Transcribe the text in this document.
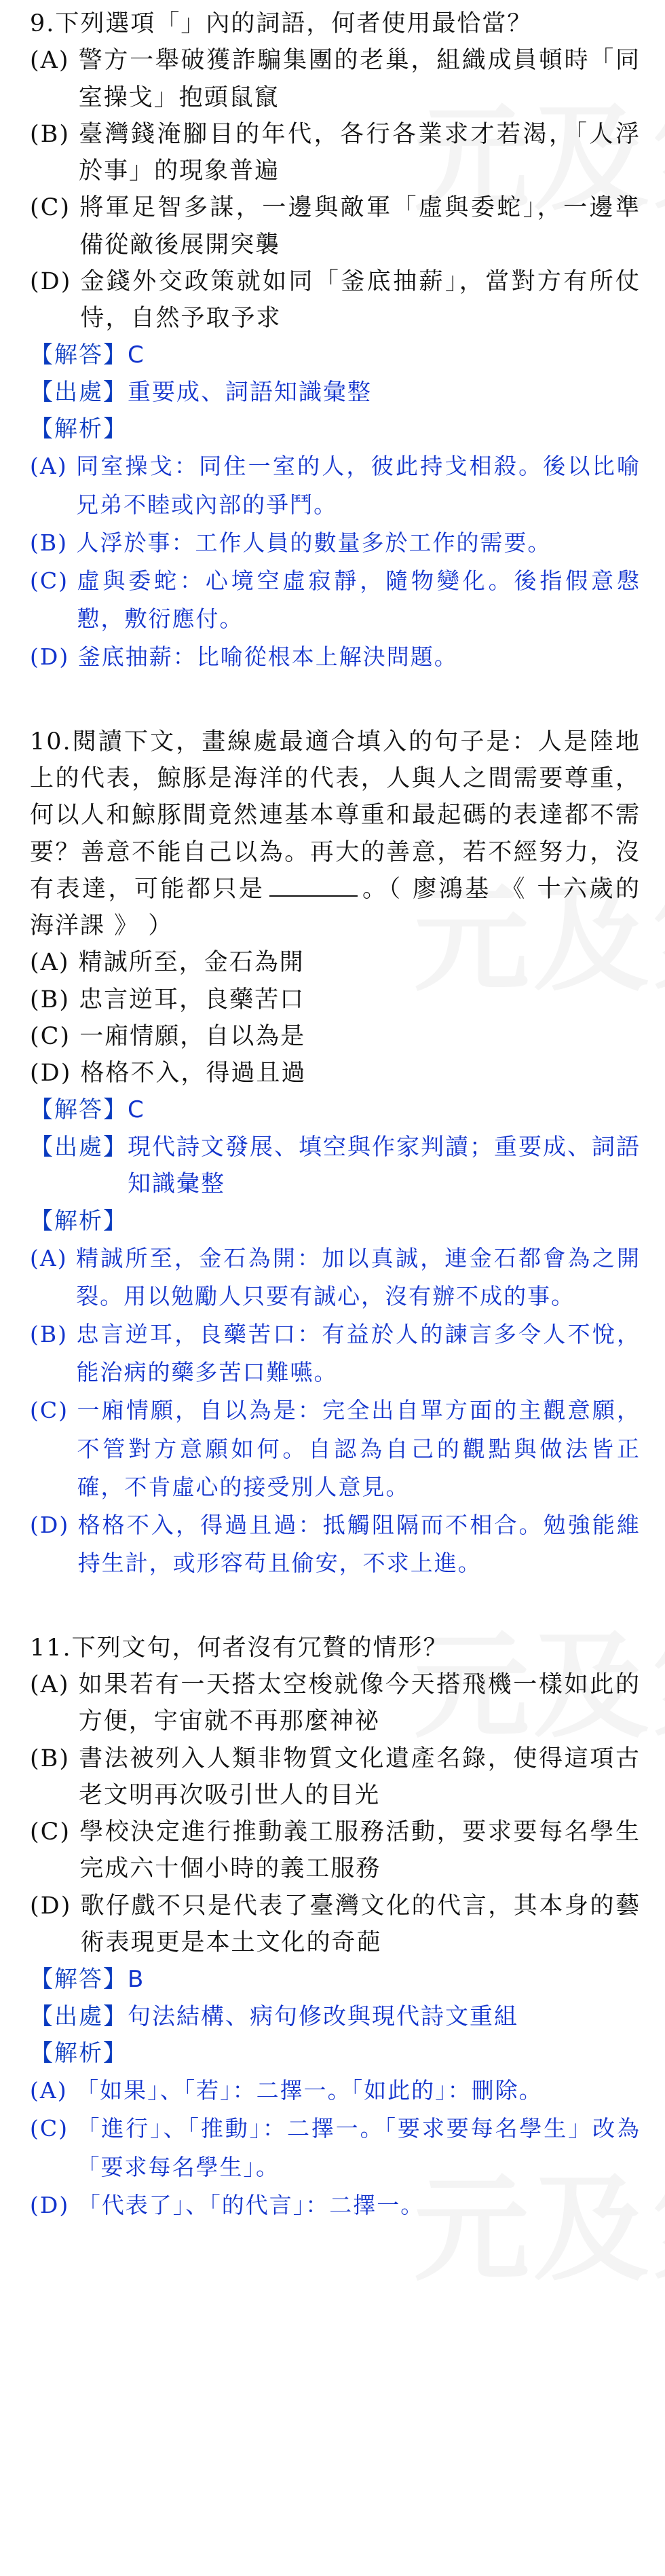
9.下列選項「」內的詞語，何者使用最恰當？

(A) 警方一舉破獲詐騙集團的老巢，組織成員頓時「同室操戈」抱頭鼠竄

(B) 臺灣錢淹腳目的年代，各行各業求才若渴，「人浮於事」的現象普遍

(C) 將軍足智多謀，一邊與敵軍「虛與委蛇」，一邊準備從敵後展開突襲

(D) 金錢外交政策就如同「釜底抽薪」，當對方有所仗恃，自然予取予求

【解答】C

【出處】 重要成、詞語知識彙整

【解析】

(A) 同室操戈：同住一室的人，彼此持戈相殺。後以比喻兄弟不睦或內部的爭鬥。

(B) 人浮於事：工作人員的數量多於工作的需要。

(C) 虛與委蛇：心境空虛寂靜，隨物變化。後指假意慇懃，敷衍應付。

(D) 釜底抽薪：比喻從根本上解決問題。

10.閱讀下文，畫線處最適合填入的句子是：人是陸地上的代表，鯨豚是海洋的代表，人與人之間需要尊重，何以人和鯨豚間竟然連基本尊重和最起碼的表達都不需要？善意不能自己以為。再大的善意，若不經努力，沒有表達，可能都只是	。（ 廖鴻基 《 十六歲的海洋課 》 ）

(A) 精誠所至，金石為開

(B) 忠言逆耳，良藥苦口

(C) 一廂情願，自以為是

(D) 格格不入，得過且過

【解答】C

【出處】 現代詩文發展、填空與作家判讀；重要成、詞語知識彙整

【解析】

(A) 精誠所至，金石為開：加以真誠，連金石都會為之開裂。用以勉勵人只要有誠心，沒有辦不成的事。

(B) 忠言逆耳，良藥苦口：有益於人的諫言多令人不悅，能治病的藥多苦口難嚥。

(C) 一廂情願，自以為是：完全出自單方面的主觀意願，不管對方意願如何。自認為自己的觀點與做法皆正確，不肯虛心的接受別人意見。

(D) 格格不入，得過且過：抵觸阻隔而不相合。勉強能維持生計，或形容苟且偷安，不求上進。

11.下列文句，何者沒有冗贅的情形？

(A) 如果若有一天搭太空梭就像今天搭飛機一樣如此的方便，宇宙就不再那麼神祕

(B) 書法被列入人類非物質文化遺產名錄，使得這項古老文明再次吸引世人的目光

(C) 學校決定進行推動義工服務活動，要求要每名學生完成六十個小時的義工服務

(D) 歌仔戲不只是代表了臺灣文化的代言，其本身的藝術表現更是本土文化的奇葩

【解答】B

【出處】 句法結構、病句修改與現代詩文重組

【解析】

(A) 「如果」、「若」：二擇一。「如此的」：刪除。

(C) 「進行」、「推動」：二擇一。「要求要每名學生」改為「要求每名學生」。

(D) 「代表了」、「的代言」：二擇一。
